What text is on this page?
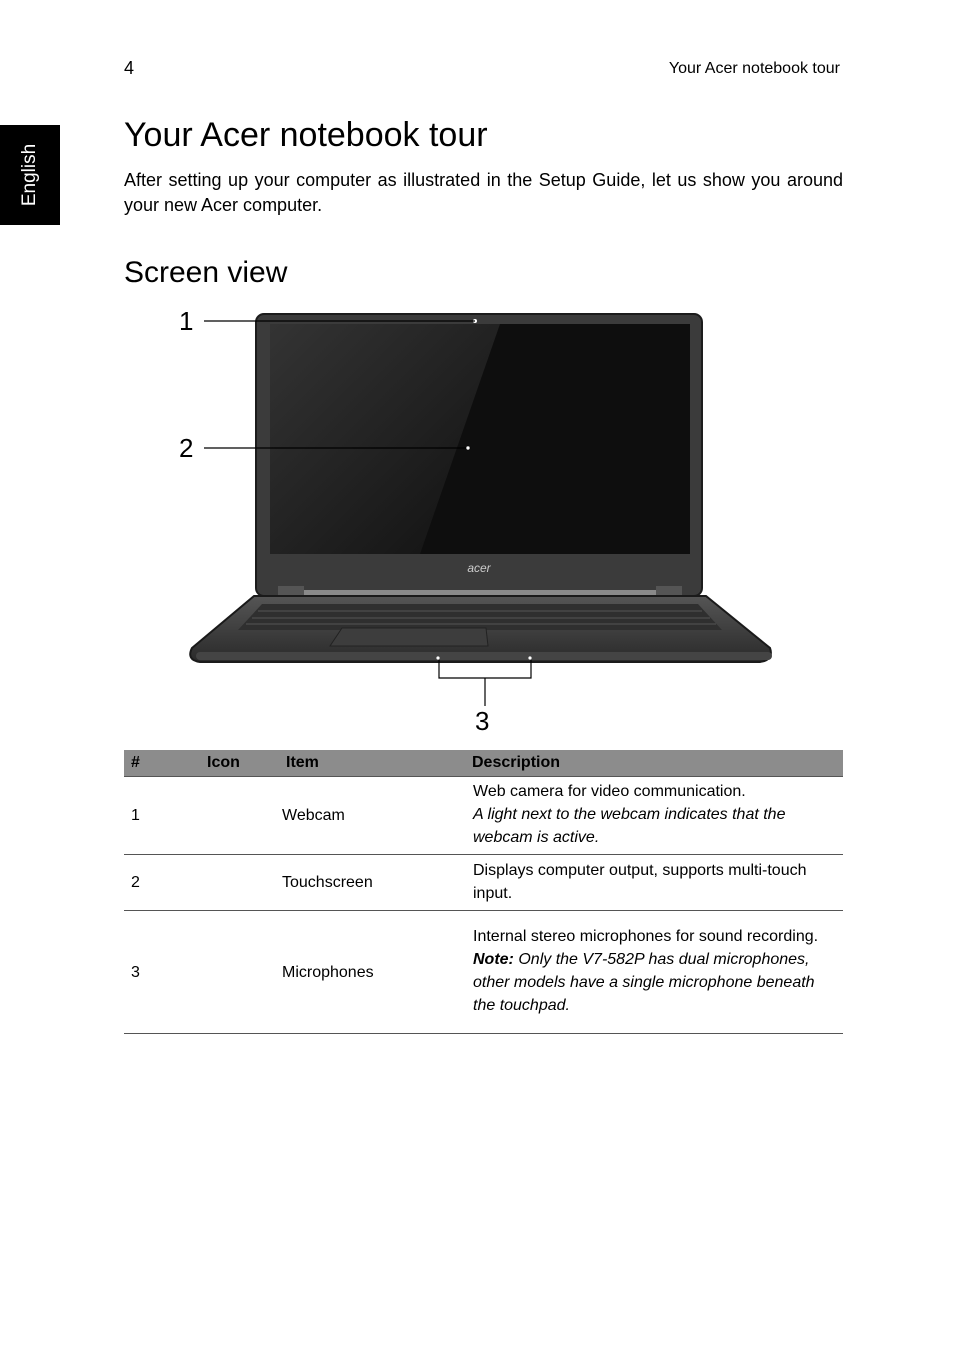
4	Your Acer notebook tour
English
Your Acer notebook tour

After setting up your computer as illustrated in the Setup Guide, let us show you around your new Acer computer.

Screen view
acer
1
2
3
#	Icon	Item	Description
1		Webcam	Web camera for video communication.
A light next to the webcam indicates that the webcam is active.

2		Touchscreen	Displays computer output, supports multi-touch input.

3		Microphones	Internal stereo microphones for sound recording.
Note: Only the V7-582P has dual microphones, other models have a single microphone beneath the touchpad.
